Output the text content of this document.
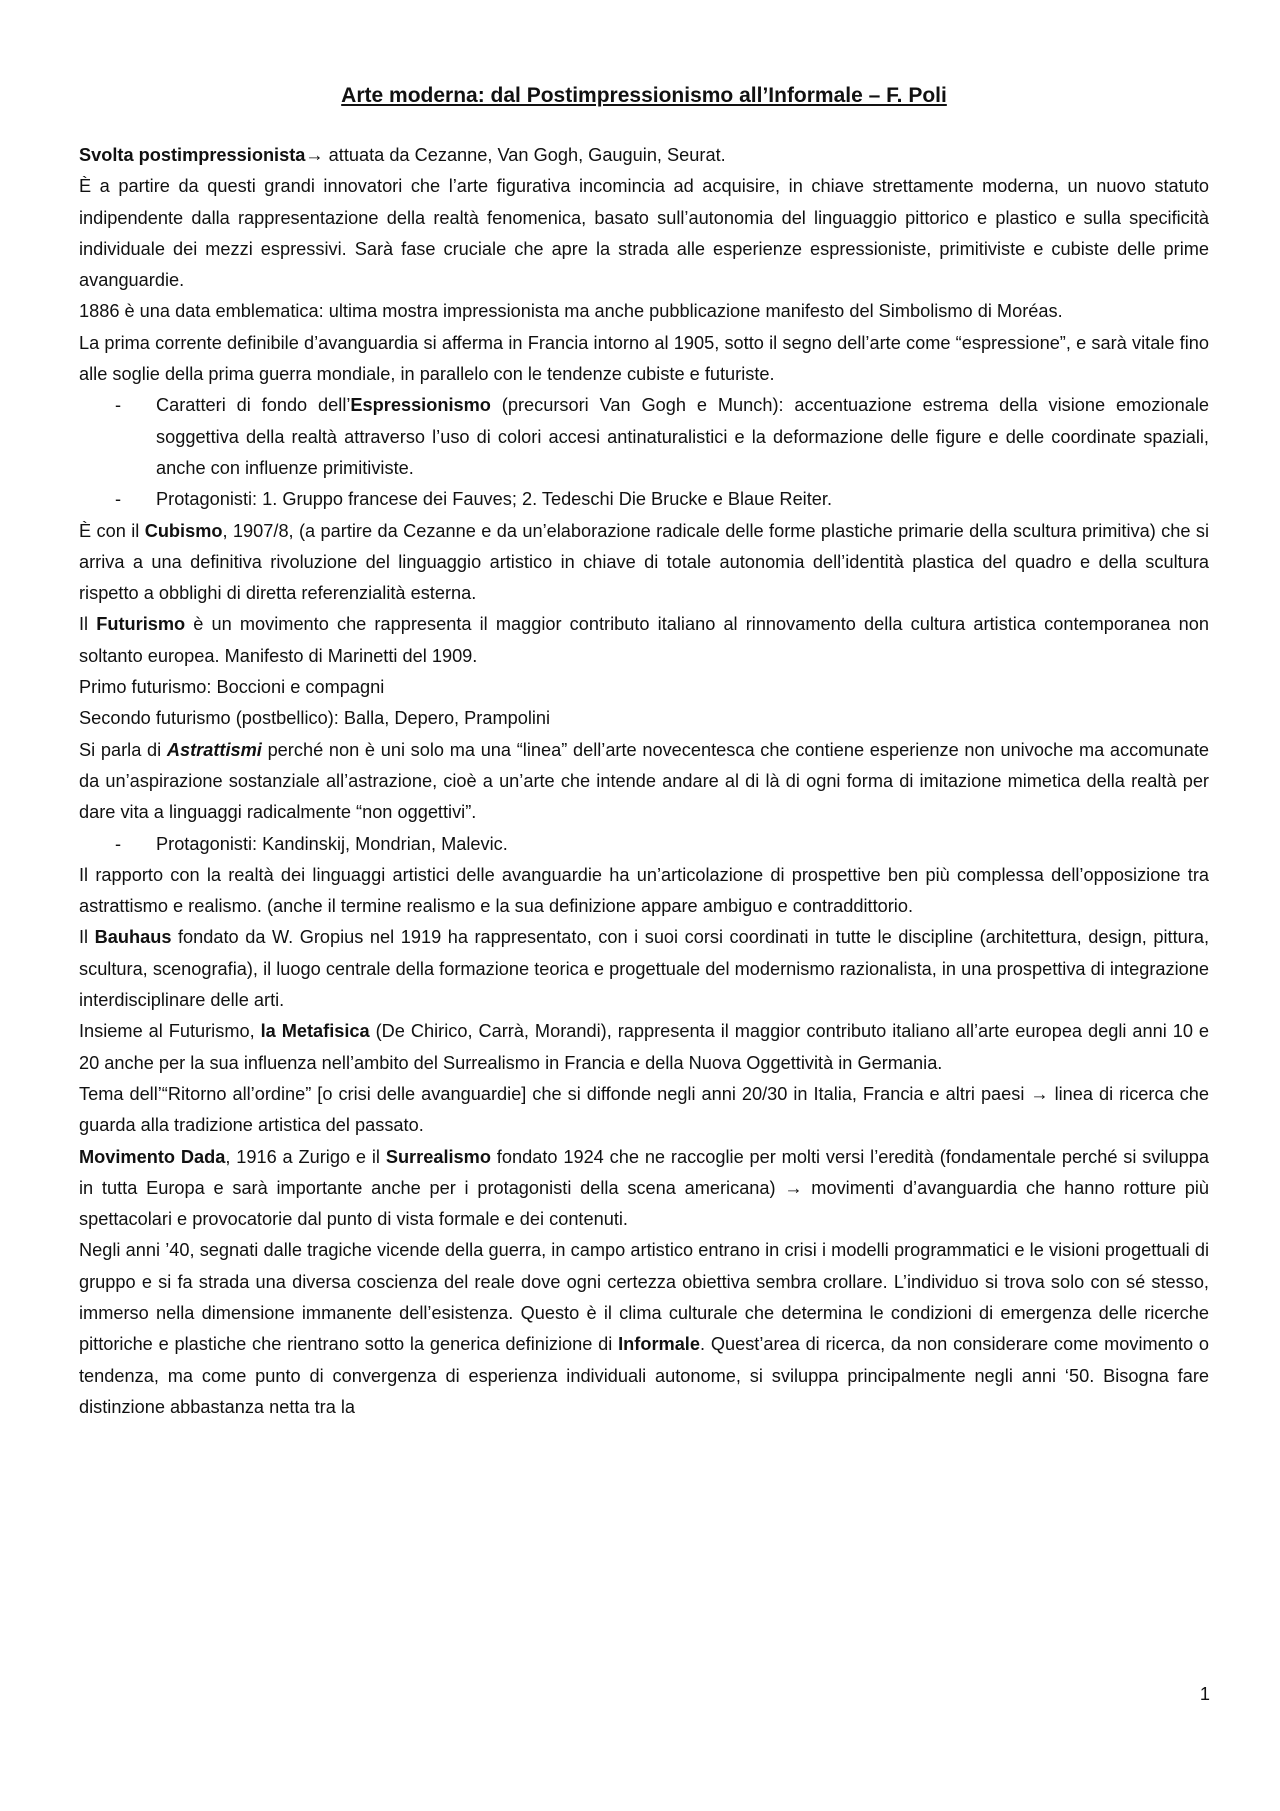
Arte moderna: dal Postimpressionismo all’Informale – F. Poli

Svolta postimpressionista→ attuata da Cezanne, Van Gogh, Gauguin, Seurat.

È a partire da questi grandi innovatori che l’arte figurativa incomincia ad acquisire, in chiave strettamente moderna, un nuovo statuto indipendente dalla rappresentazione della realtà fenomenica, basato sull’autonomia del linguaggio pittorico e plastico e sulla specificità individuale dei mezzi espressivi. Sarà fase cruciale che apre la strada alle esperienze espressioniste, primitiviste e cubiste delle prime avanguardie.

1886 è una data emblematica: ultima mostra impressionista ma anche pubblicazione manifesto del Simbolismo di Moréas.

La prima corrente definibile d’avanguardia si afferma in Francia intorno al 1905, sotto il segno dell’arte come “espressione”, e sarà vitale fino alle soglie della prima guerra mondiale, in parallelo con le tendenze cubiste e futuriste.

- Caratteri di fondo dell’Espressionismo (precursori Van Gogh e Munch): accentuazione estrema della visione emozionale soggettiva della realtà attraverso l’uso di colori accesi antinaturalistici e la deformazione delle figure e delle coordinate spaziali, anche con influenze primitiviste.
- Protagonisti: 1. Gruppo francese dei Fauves; 2. Tedeschi Die Brucke e Blaue Reiter.

È con il Cubismo, 1907/8, (a partire da Cezanne e da un’elaborazione radicale delle forme plastiche primarie della scultura primitiva) che si arriva a una definitiva rivoluzione del linguaggio artistico in chiave di totale autonomia dell’identità plastica del quadro e della scultura rispetto a obblighi di diretta referenzialità esterna.

Il Futurismo è un movimento che rappresenta il maggior contributo italiano al rinnovamento della cultura artistica contemporanea non soltanto europea. Manifesto di Marinetti del 1909.

Primo futurismo: Boccioni e compagni

Secondo futurismo (postbellico): Balla, Depero, Prampolini

Si parla di Astrattismi perché non è uni solo ma una “linea” dell’arte novecentesca che contiene esperienze non univoche ma accomunate da un’aspirazione sostanziale all’astrazione, cioè a un’arte che intende andare al di là di ogni forma di imitazione mimetica della realtà per dare vita a linguaggi radicalmente “non oggettivi”.

- Protagonisti: Kandinskij, Mondrian, Malevic.

Il rapporto con la realtà dei linguaggi artistici delle avanguardie ha un’articolazione di prospettive ben più complessa dell’opposizione tra astrattismo e realismo. (anche il termine realismo e la sua definizione appare ambiguo e contraddittorio.

Il Bauhaus fondato da W. Gropius nel 1919 ha rappresentato, con i suoi corsi coordinati in tutte le discipline (architettura, design, pittura, scultura, scenografia), il luogo centrale della formazione teorica e progettuale del modernismo razionalista, in una prospettiva di integrazione interdisciplinare delle arti.

Insieme al Futurismo, la Metafisica (De Chirico, Carrà, Morandi), rappresenta il maggior contributo italiano all’arte europea degli anni 10 e 20 anche per la sua influenza nell’ambito del Surrealismo in Francia e della Nuova Oggettività in Germania.

Tema dell’“Ritorno all’ordine” [o crisi delle avanguardie] che si diffonde negli anni 20/30 in Italia, Francia e altri paesi → linea di ricerca che guarda alla tradizione artistica del passato.

Movimento Dada, 1916 a Zurigo e il Surrealismo fondato 1924 che ne raccoglie per molti versi l’eredità (fondamentale perché si sviluppa in tutta Europa e sarà importante anche per i protagonisti della scena americana) → movimenti d’avanguardia che hanno rotture più spettacolari e provocatorie dal punto di vista formale e dei contenuti.

Negli anni ’40, segnati dalle tragiche vicende della guerra, in campo artistico entrano in crisi i modelli programmatici e le visioni progettuali di gruppo e si fa strada una diversa coscienza del reale dove ogni certezza obiettiva sembra crollare. L’individuo si trova solo con sé stesso, immerso nella dimensione immanente dell’esistenza. Questo è il clima culturale che determina le condizioni di emergenza delle ricerche pittoriche e plastiche che rientrano sotto la generica definizione di Informale. Quest’area di ricerca, da non considerare come movimento o tendenza, ma come punto di convergenza di esperienza individuali autonome, si sviluppa principalmente negli anni ‘50. Bisogna fare distinzione abbastanza netta tra la

1
